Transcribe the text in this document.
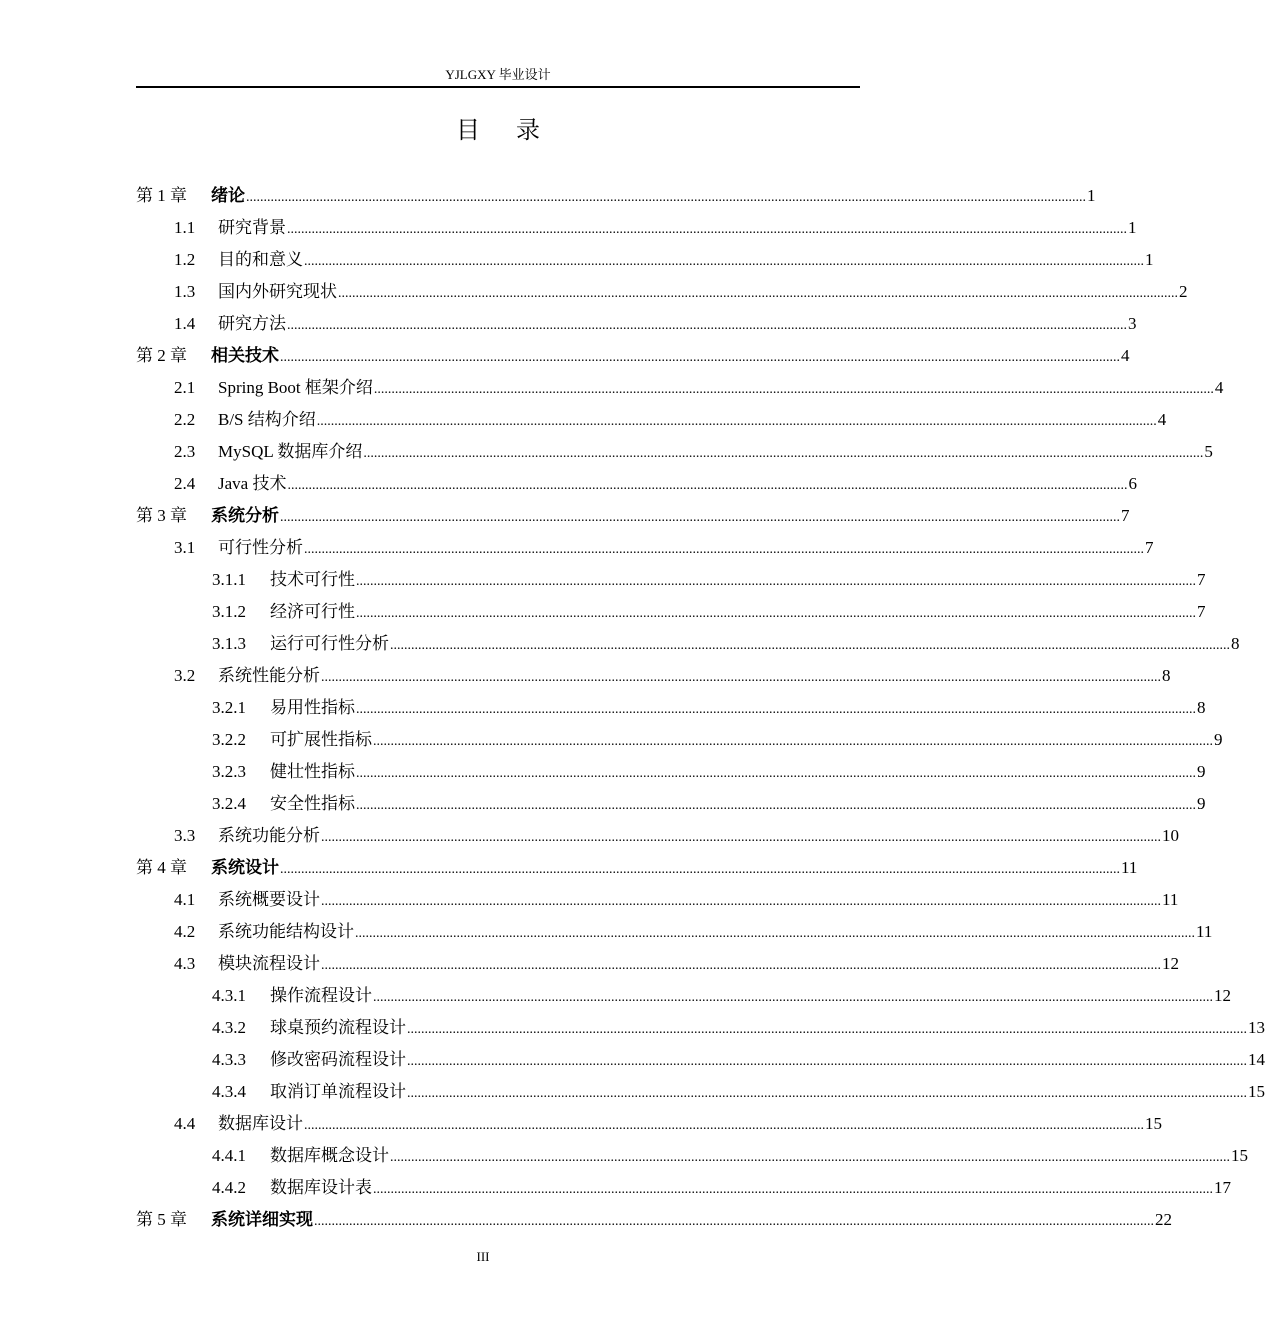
YJLGXY 毕业设计
目录
第 1 章	绪论 ................................................................................................................................................................................................................................................ 1
1.1	研究背景 ................................................................................................................................................................................................................................................ 1
1.2	目的和意义 ................................................................................................................................................................................................................................................ 1
1.3	国内外研究现状 ................................................................................................................................................................................................................................................ 2
1.4	研究方法 ................................................................................................................................................................................................................................................ 3
第 2 章	相关技术 ................................................................................................................................................................................................................................................ 4
2.1	Spring Boot 框架介绍 ................................................................................................................................................................................................................................................ 4
2.2	B/S 结构介绍 ................................................................................................................................................................................................................................................ 4
2.3	MySQL 数据库介绍 ................................................................................................................................................................................................................................................ 5
2.4	Java 技术 ................................................................................................................................................................................................................................................ 6
第 3 章	系统分析 ................................................................................................................................................................................................................................................ 7
3.1	可行性分析 ................................................................................................................................................................................................................................................ 7
3.1.1	技术可行性 ................................................................................................................................................................................................................................................ 7
3.1.2	经济可行性 ................................................................................................................................................................................................................................................ 7
3.1.3	运行可行性分析 ................................................................................................................................................................................................................................................ 8
3.2	系统性能分析 ................................................................................................................................................................................................................................................ 8
3.2.1	易用性指标 ................................................................................................................................................................................................................................................ 8
3.2.2	可扩展性指标 ................................................................................................................................................................................................................................................ 9
3.2.3	健壮性指标 ................................................................................................................................................................................................................................................ 9
3.2.4	安全性指标 ................................................................................................................................................................................................................................................ 9
3.3	系统功能分析 ................................................................................................................................................................................................................................................ 10
第 4 章	系统设计 ................................................................................................................................................................................................................................................ 11
4.1	系统概要设计 ................................................................................................................................................................................................................................................ 11
4.2	系统功能结构设计 ................................................................................................................................................................................................................................................ 11
4.3	模块流程设计 ................................................................................................................................................................................................................................................ 12
4.3.1	操作流程设计 ................................................................................................................................................................................................................................................ 12
4.3.2	球桌预约流程设计 ................................................................................................................................................................................................................................................ 13
4.3.3	修改密码流程设计 ................................................................................................................................................................................................................................................ 14
4.3.4	取消订单流程设计 ................................................................................................................................................................................................................................................ 15
4.4	数据库设计 ................................................................................................................................................................................................................................................ 15
4.4.1	数据库概念设计 ................................................................................................................................................................................................................................................ 15
4.4.2	数据库设计表 ................................................................................................................................................................................................................................................ 17
第 5 章	系统详细实现 ................................................................................................................................................................................................................................................ 22
III
